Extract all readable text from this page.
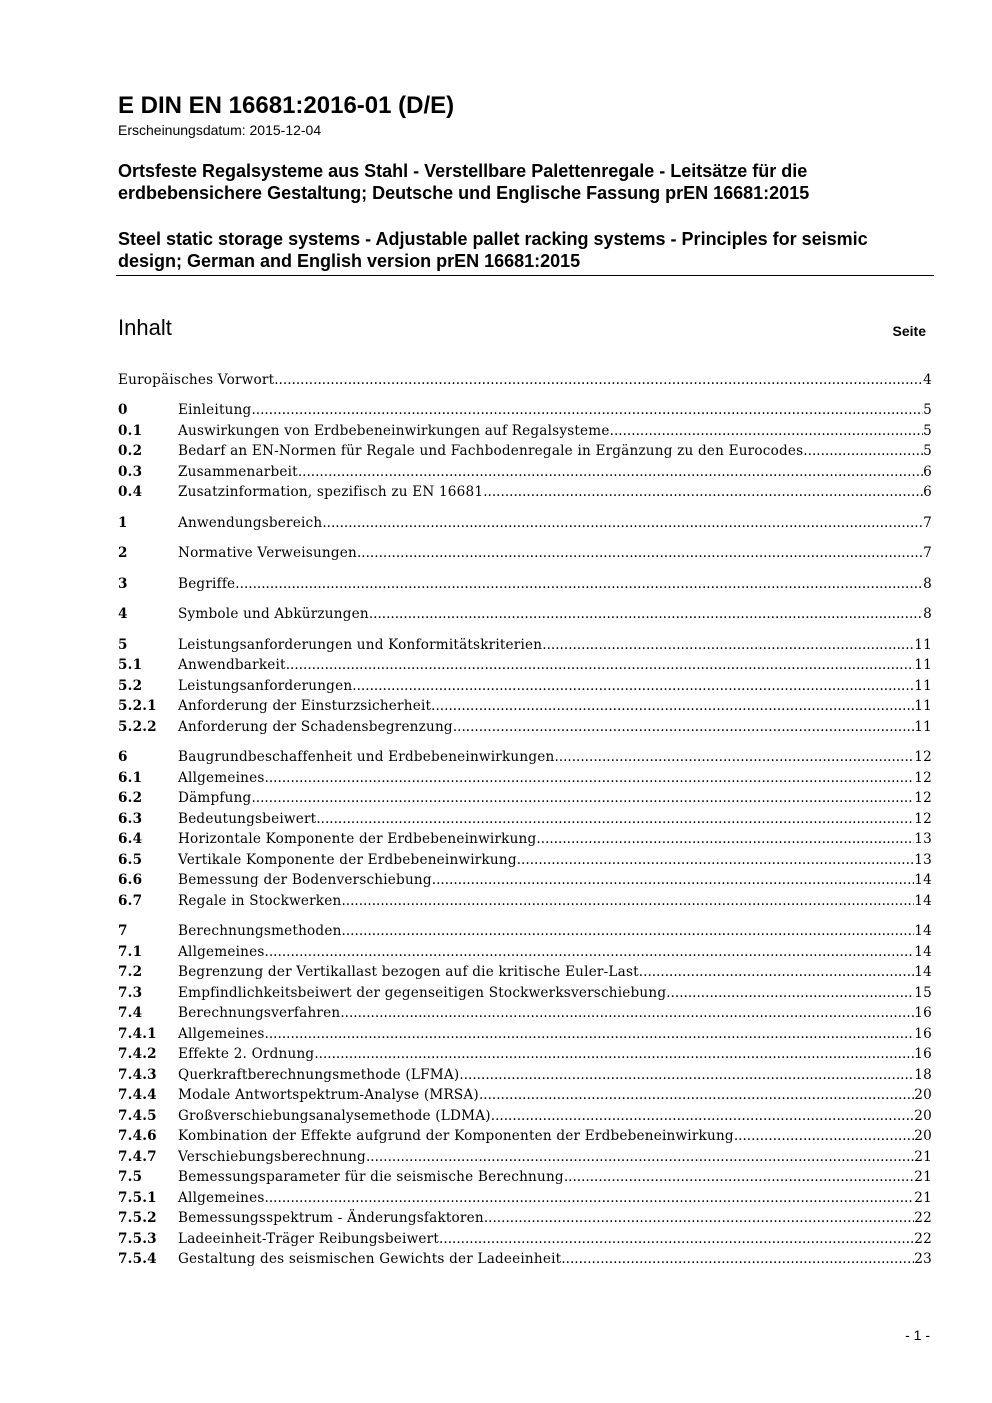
E DIN EN 16681:2016-01 (D/E)
Erscheinungsdatum: 2015-12-04
Ortsfeste Regalsysteme aus Stahl - Verstellbare Palettenregale - Leitsätze für die erdbebensichere Gestaltung; Deutsche und Englische Fassung prEN 16681:2015
Steel static storage systems - Adjustable pallet racking systems - Principles for seismic design; German and English version prEN 16681:2015
Inhalt	Seite
Europäisches Vorwort .....	4
0	Einleitung .....	5
0.1	Auswirkungen von Erdbebeneinwirkungen auf Regalsysteme .....	5
0.2	Bedarf an EN-Normen für Regale und Fachbodenregale in Ergänzung zu den Eurocodes .....	5
0.3	Zusammenarbeit .....	6
0.4	Zusatzinformation, spezifisch zu EN 16681 .....	6
1	Anwendungsbereich .....	7
2	Normative Verweisungen .....	7
3	Begriffe .....	8
4	Symbole und Abkürzungen .....	8
5	Leistungsanforderungen und Konformitätskriterien .....	11
5.1	Anwendbarkeit .....	11
5.2	Leistungsanforderungen .....	11
5.2.1	Anforderung der Einsturzsicherheit .....	11
5.2.2	Anforderung der Schadensbegrenzung .....	11
6	Baugrundbeschaffenheit und Erdbebeneinwirkungen .....	12
6.1	Allgemeines .....	12
6.2	Dämpfung .....	12
6.3	Bedeutungsbeiwert .....	12
6.4	Horizontale Komponente der Erdbebeneinwirkung .....	13
6.5	Vertikale Komponente der Erdbebeneinwirkung .....	13
6.6	Bemessung der Bodenverschiebung .....	14
6.7	Regale in Stockwerken .....	14
7	Berechnungsmethoden .....	14
7.1	Allgemeines .....	14
7.2	Begrenzung der Vertikallast bezogen auf die kritische Euler-Last .....	14
7.3	Empfindlichkeitsbeiwert der gegenseitigen Stockwerksverschiebung .....	15
7.4	Berechnungsverfahren .....	16
7.4.1	Allgemeines .....	16
7.4.2	Effekte 2. Ordnung .....	16
7.4.3	Querkraftberechnungsmethode (LFMA) .....	18
7.4.4	Modale Antwortspektrum-Analyse (MRSA) .....	20
7.4.5	Großverschiebungsanalysemethode (LDMA) .....	20
7.4.6	Kombination der Effekte aufgrund der Komponenten der Erdbebeneinwirkung .....	20
7.4.7	Verschiebungsberechnung .....	21
7.5	Bemessungsparameter für die seismische Berechnung .....	21
7.5.1	Allgemeines .....	21
7.5.2	Bemessungsspektrum - Änderungsfaktoren .....	22
7.5.3	Ladeeinheit-Träger Reibungsbeiwert .....	22
7.5.4	Gestaltung des seismischen Gewichts der Ladeeinheit .....	23
- 1 -
